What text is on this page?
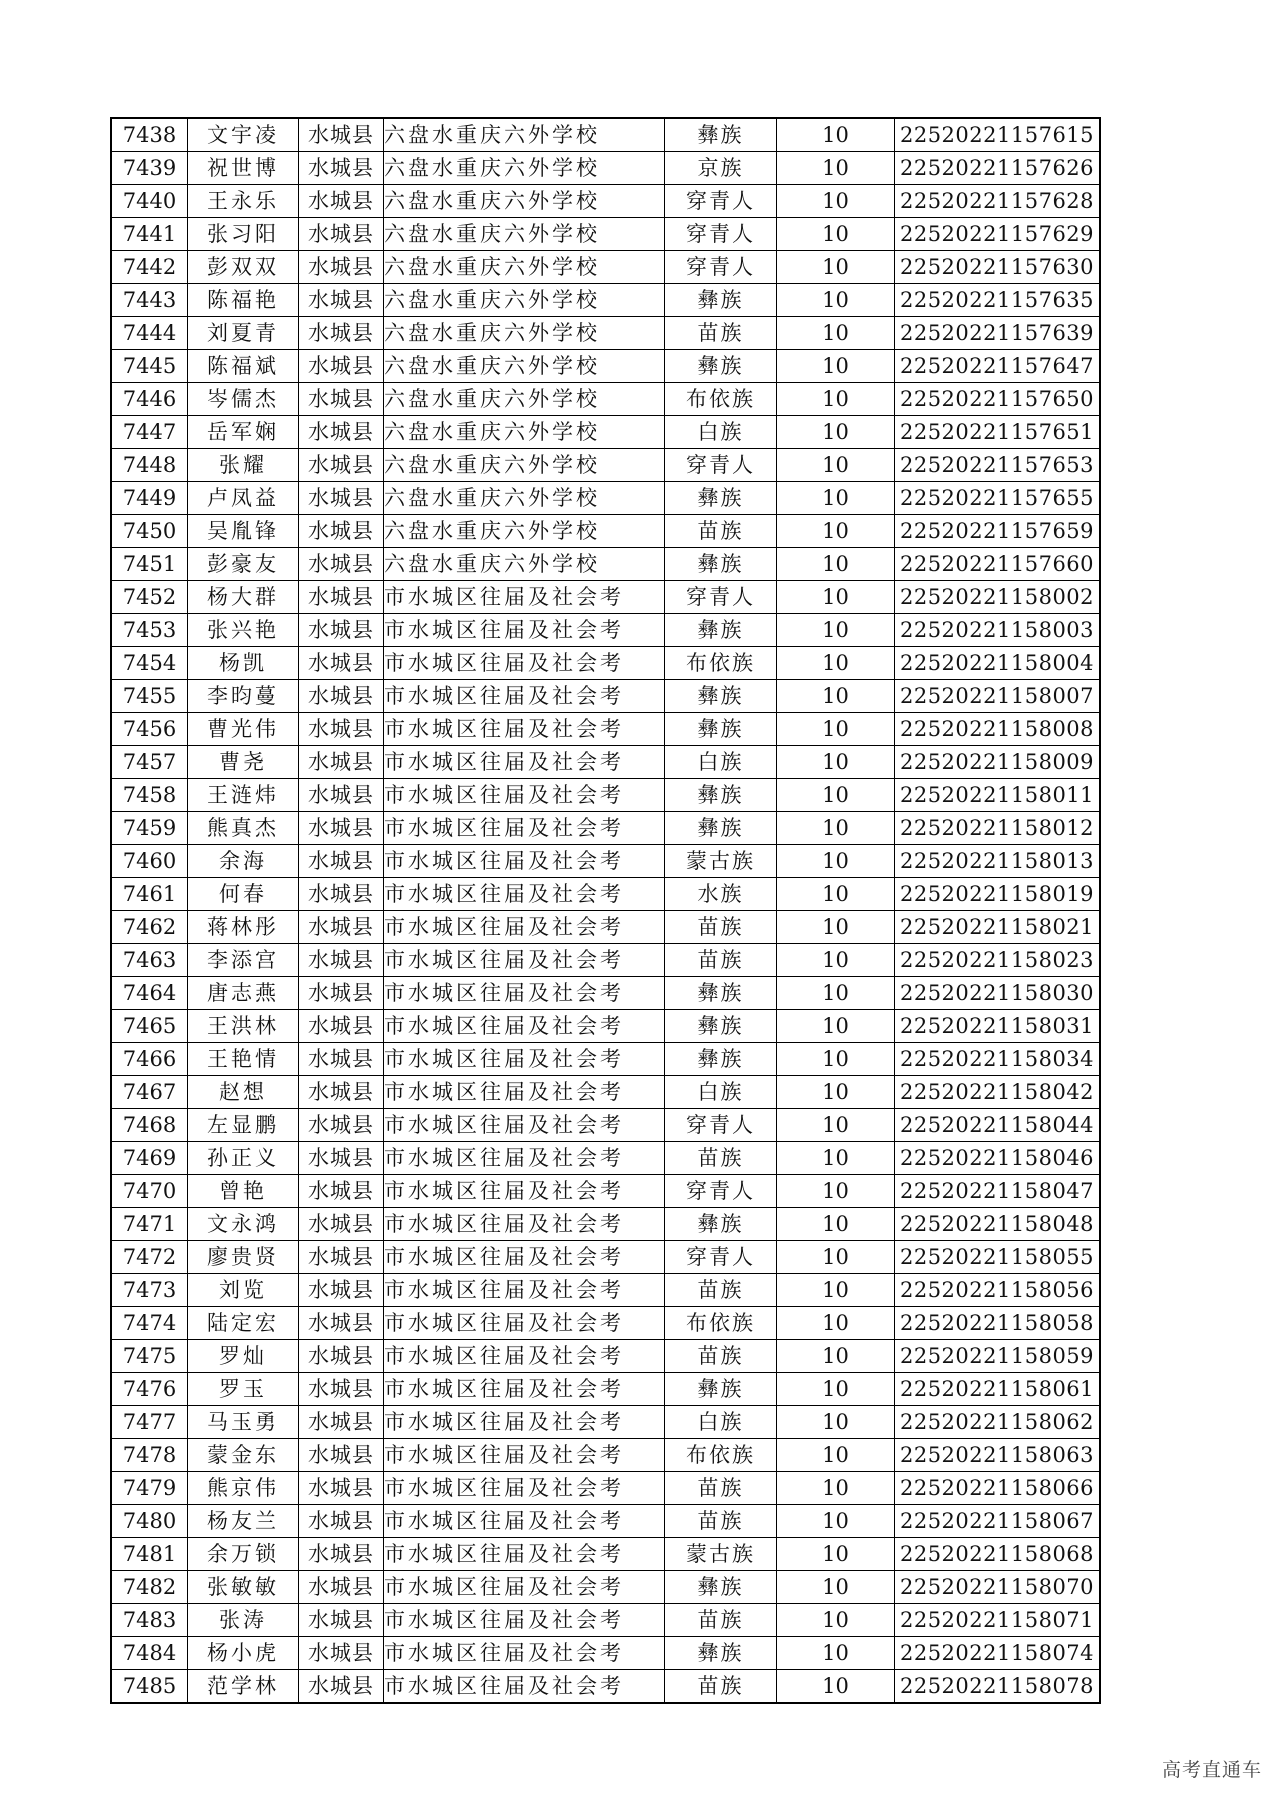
7438	文宇凌	水城县	六盘水重庆六外学校	彝族	10	22520221157615
7439	祝世博	水城县	六盘水重庆六外学校	京族	10	22520221157626
7440	王永乐	水城县	六盘水重庆六外学校	穿青人	10	22520221157628
7441	张习阳	水城县	六盘水重庆六外学校	穿青人	10	22520221157629
7442	彭双双	水城县	六盘水重庆六外学校	穿青人	10	22520221157630
7443	陈福艳	水城县	六盘水重庆六外学校	彝族	10	22520221157635
7444	刘夏青	水城县	六盘水重庆六外学校	苗族	10	22520221157639
7445	陈福斌	水城县	六盘水重庆六外学校	彝族	10	22520221157647
7446	岑儒杰	水城县	六盘水重庆六外学校	布依族	10	22520221157650
7447	岳军娴	水城县	六盘水重庆六外学校	白族	10	22520221157651
7448	张耀	水城县	六盘水重庆六外学校	穿青人	10	22520221157653
7449	卢凤益	水城县	六盘水重庆六外学校	彝族	10	22520221157655
7450	吴胤锋	水城县	六盘水重庆六外学校	苗族	10	22520221157659
7451	彭豪友	水城县	六盘水重庆六外学校	彝族	10	22520221157660
7452	杨大群	水城县	市水城区往届及社会考	穿青人	10	22520221158002
7453	张兴艳	水城县	市水城区往届及社会考	彝族	10	22520221158003
7454	杨凯	水城县	市水城区往届及社会考	布依族	10	22520221158004
7455	李昀蔓	水城县	市水城区往届及社会考	彝族	10	22520221158007
7456	曹光伟	水城县	市水城区往届及社会考	彝族	10	22520221158008
7457	曹尧	水城县	市水城区往届及社会考	白族	10	22520221158009
7458	王涟炜	水城县	市水城区往届及社会考	彝族	10	22520221158011
7459	熊真杰	水城县	市水城区往届及社会考	彝族	10	22520221158012
7460	余海	水城县	市水城区往届及社会考	蒙古族	10	22520221158013
7461	何春	水城县	市水城区往届及社会考	水族	10	22520221158019
7462	蒋林彤	水城县	市水城区往届及社会考	苗族	10	22520221158021
7463	李添宫	水城县	市水城区往届及社会考	苗族	10	22520221158023
7464	唐志燕	水城县	市水城区往届及社会考	彝族	10	22520221158030
7465	王洪林	水城县	市水城区往届及社会考	彝族	10	22520221158031
7466	王艳情	水城县	市水城区往届及社会考	彝族	10	22520221158034
7467	赵想	水城县	市水城区往届及社会考	白族	10	22520221158042
7468	左显鹏	水城县	市水城区往届及社会考	穿青人	10	22520221158044
7469	孙正义	水城县	市水城区往届及社会考	苗族	10	22520221158046
7470	曾艳	水城县	市水城区往届及社会考	穿青人	10	22520221158047
7471	文永鸿	水城县	市水城区往届及社会考	彝族	10	22520221158048
7472	廖贵贤	水城县	市水城区往届及社会考	穿青人	10	22520221158055
7473	刘览	水城县	市水城区往届及社会考	苗族	10	22520221158056
7474	陆定宏	水城县	市水城区往届及社会考	布依族	10	22520221158058
7475	罗灿	水城县	市水城区往届及社会考	苗族	10	22520221158059
7476	罗玉	水城县	市水城区往届及社会考	彝族	10	22520221158061
7477	马玉勇	水城县	市水城区往届及社会考	白族	10	22520221158062
7478	蒙金东	水城县	市水城区往届及社会考	布依族	10	22520221158063
7479	熊京伟	水城县	市水城区往届及社会考	苗族	10	22520221158066
7480	杨友兰	水城县	市水城区往届及社会考	苗族	10	22520221158067
7481	余万锁	水城县	市水城区往届及社会考	蒙古族	10	22520221158068
7482	张敏敏	水城县	市水城区往届及社会考	彝族	10	22520221158070
7483	张涛	水城县	市水城区往届及社会考	苗族	10	22520221158071
7484	杨小虎	水城县	市水城区往届及社会考	彝族	10	22520221158074
7485	范学林	水城县	市水城区往届及社会考	苗族	10	22520221158078
高考直通车
